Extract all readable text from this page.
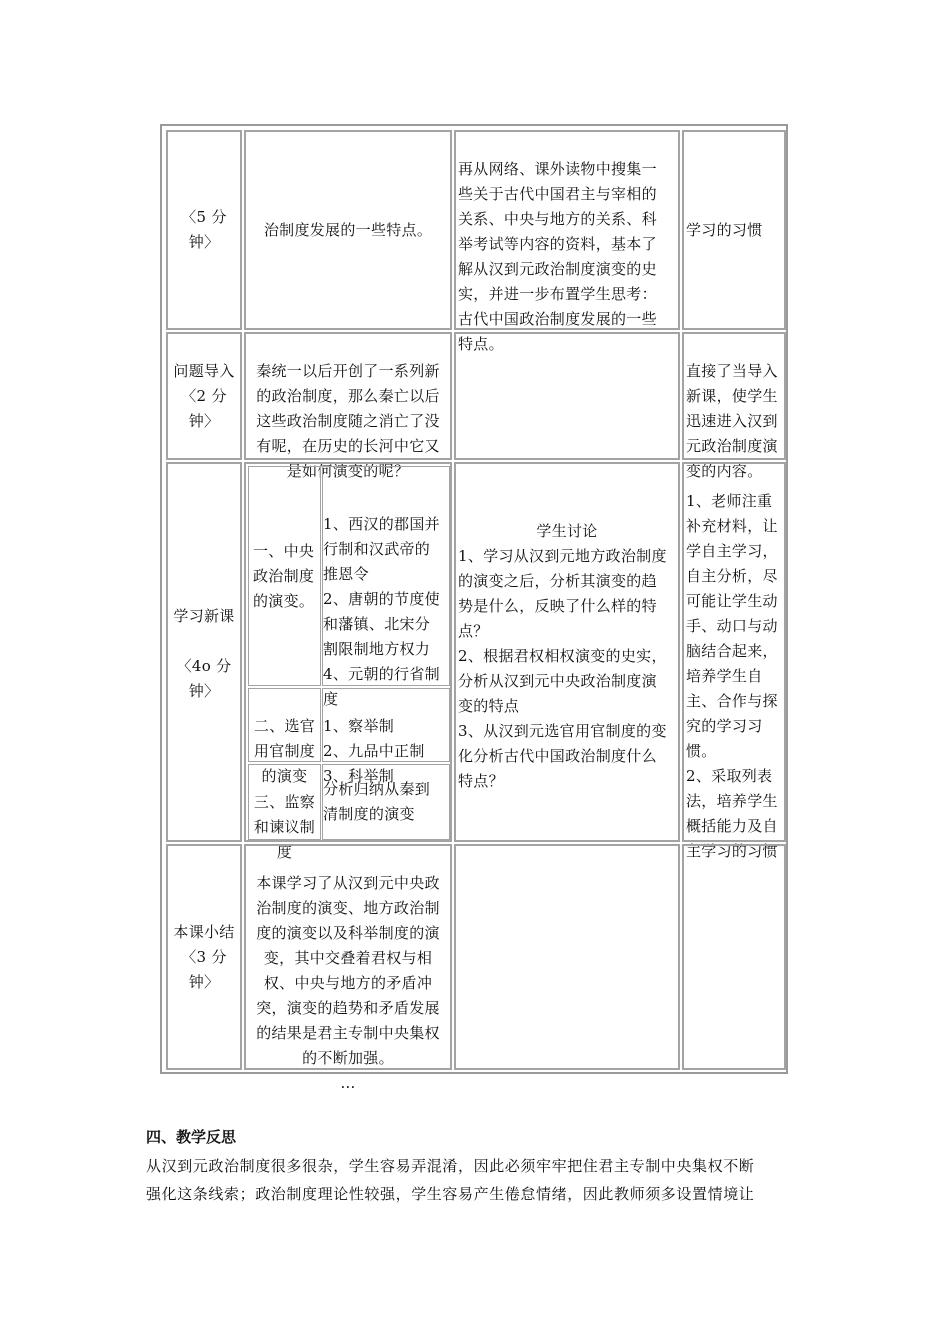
〈5 分钟〉
治制度发展的一些特点。

再从网络、课外读物中搜集一
些关于古代中国君主与宰相的
关系、中央与地方的关系、科
举考试等内容的资料，基本了
解从汉到元政治制度演变的史
实，并进一步布置学生思考：
古代中国政治制度发展的一些
特点。

学习的习惯
问题导入
〈2 分钟〉

秦统一以后开创了一系列新
的政治制度，那么秦亡以后
这些政治制度随之消亡了没
有呢，在历史的长河中它又
是如何演变的呢？

直接了当导入
新课，使学生
迅速进入汉到
元政治制度演
变的内容。

学习新课
〈4o 分钟〉
一、中央
政治制度
的演变。

1、西汉的郡国并
行制和汉武帝的
推恩令
2、唐朝的节度使
和藩镇、北宋分
割限制地方权力
4、元朝的行省制
度

二、选官
用官制度
的演变

1、察举制
2、九品中正制
3、科举制

三、监察
和谏议制
度

分析归纳从秦到
清制度的演变
学生讨论
1、学习从汉到元地方政治制度
的演变之后，分析其演变的趋
势是什么，反映了什么样的特
点？
2、根据君权相权演变的史实，
分析从汉到元中央政治制度演
变的特点
3、从汉到元选官用官制度的变
化分析古代中国政治制度什么
特点？

1、老师注重
补充材料，让
学自主学习，
自主分析，尽
可能让学生动
手、动口与动
脑结合起来，
培养学生自
主、合作与探
究的学习习
惯。
2、采取列表
法，培养学生
概括能力及自
主学习的习惯

本课小结
〈3 分钟〉

本课学习了从汉到元中央政
治制度的演变、地方政治制
度的演变以及科举制度的演
变，其中交叠着君权与相
权、中央与地方的矛盾冲
突，演变的趋势和矛盾发展
的结果是君主专制中央集权
的不断加强。
…

四、教学反思
从汉到元政治制度很多很杂，学生容易弄混淆，因此必须牢牢把住君主专制中央集权不断
强化这条线索；政治制度理论性较强，学生容易产生倦怠情绪，因此教师须多设置情境让
